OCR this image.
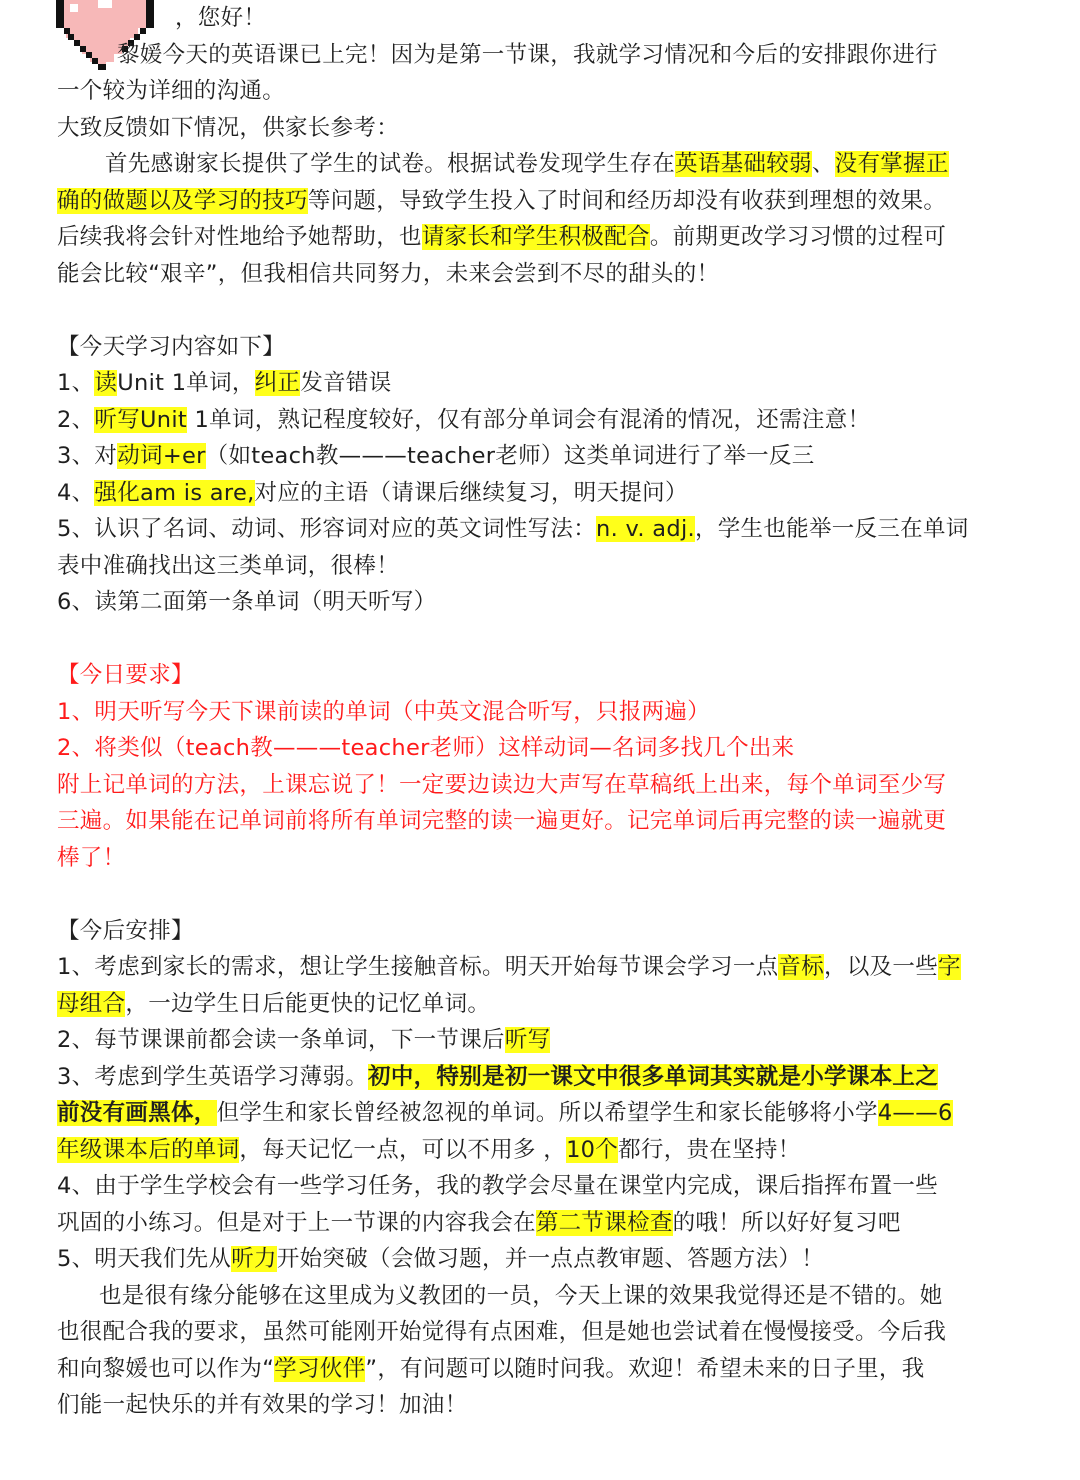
，您好！
黎媛今天的英语课已上完！因为是第一节课，我就学习情况和今后的安排跟你进行
一个较为详细的沟通。
大致反馈如下情况，供家长参考：
首先感谢家长提供了学生的试卷。根据试卷发现学生存在英语基础较弱、没有掌握正
确的做题以及学习的技巧等问题，导致学生投入了时间和经历却没有收获到理想的效果。
后续我将会针对性地给予她帮助，也请家长和学生积极配合。前期更改学习习惯的过程可
能会比较“艰辛”，但我相信共同努力，未来会尝到不尽的甜头的！
【今天学习内容如下】
1、读Unit 1单词，纠正发音错误
2、听写Unit 1单词，熟记程度较好，仅有部分单词会有混淆的情况，还需注意！
3、对动词+er（如teach教———teacher老师）这类单词进行了举一反三
4、强化am is are,对应的主语（请课后继续复习，明天提问）
5、认识了名词、动词、形容词对应的英文词性写法：n. v. adj.，学生也能举一反三在单词
表中准确找出这三类单词，很棒！
6、读第二面第一条单词（明天听写）
【今日要求】
1、明天听写今天下课前读的单词（中英文混合听写，只报两遍）
2、将类似（teach教———teacher老师）这样动词—名词多找几个出来
附上记单词的方法，上课忘说了！一定要边读边大声写在草稿纸上出来，每个单词至少写
三遍。如果能在记单词前将所有单词完整的读一遍更好。记完单词后再完整的读一遍就更
棒了！
【今后安排】
1、考虑到家长的需求，想让学生接触音标。明天开始每节课会学习一点音标，以及一些字
母组合，一边学生日后能更快的记忆单词。
2、每节课课前都会读一条单词，下一节课后听写
3、考虑到学生英语学习薄弱。初中，特别是初一课文中很多单词其实就是小学课本上之
前没有画黑体，但学生和家长曾经被忽视的单词。所以希望学生和家长能够将小学4——6
年级课本后的单词，每天记忆一点，可以不用多 ，10个都行，贵在坚持！
4、由于学生学校会有一些学习任务，我的教学会尽量在课堂内完成，课后指挥布置一些
巩固的小练习。但是对于上一节课的内容我会在第二节课检查的哦！所以好好复习吧
5、明天我们先从听力开始突破（会做习题，并一点点教审题、答题方法）！
也是很有缘分能够在这里成为义教团的一员，今天上课的效果我觉得还是不错的。她
也很配合我的要求，虽然可能刚开始觉得有点困难，但是她也尝试着在慢慢接受。今后我
和向黎媛也可以作为“学习伙伴”，有问题可以随时问我。欢迎！希望未来的日子里，我
们能一起快乐的并有效果的学习！加油！
